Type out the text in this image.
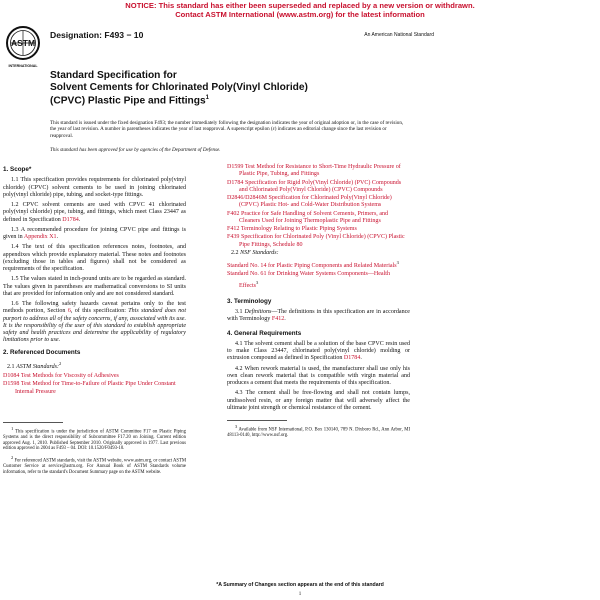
NOTICE: This standard has either been superseded and replaced by a new version or withdrawn.
Contact ASTM International (www.astm.org) for the latest information
ASTM
INTERNATIONAL
Designation: F493 − 10	An American National Standard
Standard Specification for
Solvent Cements for Chlorinated Poly(Vinyl Chloride)
(CPVC) Plastic Pipe and Fittings$^1$
This standard is issued under the fixed designation F493; the number immediately following the designation indicates the year of original adoption or, in the case of revision, the year of last revision. A number in parentheses indicates the year of last reapproval. A superscript epsilon (ε) indicates an editorial change since the last revision or reapproval.
This standard has been approved for use by agencies of the Department of Defense.
1. Scope*

1.1 This specification provides requirements for chlorinated poly(vinyl chloride) (CPVC) solvent cements to be used in joining chlorinated poly(vinyl chloride) pipe, tubing, and socket-type fittings.

1.2 CPVC solvent cements are used with CPVC 41 chlorinated poly(vinyl chloride) pipe, tubing, and fittings, which meet Class 23447 as defined in Specification D1784.

1.3 A recommended procedure for joining CPVC pipe and fittings is given in Appendix X1.

1.4 The text of this specification references notes, footnotes, and appendixes which provide explanatory material. These notes and footnotes (excluding those in tables and figures) shall not be considered as requirements of the specification.

1.5 The values stated in inch-pound units are to be regarded as standard. The values given in parentheses are mathematical conversions to SI units that are provided for information only and are not considered standard.

1.6 The following safety hazards caveat pertains only to the test methods portion, Section 6, of this specification: This standard does not purport to address all of the safety concerns, if any, associated with its use. It is the responsibility of the user of this standard to establish appropriate safety and health practices and determine the applicability of regulatory limitations prior to use.

2. Referenced Documents
2.1 ASTM Standards:$^2$
D1084 Test Methods for Viscosity of Adhesives
D1598 Test Method for Time-to-Failure of Plastic Pipe Under Constant Internal Pressure

$^1$ This specification is under the jurisdiction of ASTM Committee F17 on Plastic Piping Systems and is the direct responsibility of Subcommittee F17.20 on Joining. Current edition approved Aug. 1, 2010. Published September 2010. Originally approved in 1977. Last previous edition approved in 2004 as F493 – 04. DOI: 10.1520/F0493-10.

$^2$ For referenced ASTM standards, visit the ASTM website, www.astm.org, or contact ASTM Customer Service at service@astm.org. For Annual Book of ASTM Standards volume information, refer to the standard's Document Summary page on the ASTM website.

D1599 Test Method for Resistance to Short-Time Hydraulic Pressure of Plastic Pipe, Tubing, and Fittings
D1784 Specification for Rigid Poly(Vinyl Chloride) (PVC) Compounds and Chlorinated Poly(Vinyl Chloride) (CPVC) Compounds
D2846/D2846M Specification for Chlorinated Poly(Vinyl Chloride) (CPVC) Plastic Hot- and Cold-Water Distribution Systems
F402 Practice for Safe Handling of Solvent Cements, Primers, and Cleaners Used for Joining Thermoplastic Pipe and Fittings
F412 Terminology Relating to Plastic Piping Systems
F439 Specification for Chlorinated Poly (Vinyl Chloride) (CPVC) Plastic Pipe Fittings, Schedule 80
2.2 NSF Standards:
Standard No. 14 for Plastic Piping Components and Related Materials$^3$
Standard No. 61 for Drinking Water Systems Components—Health Effects$^3$
3. Terminology

3.1 Definitions—The definitions in this specification are in accordance with Terminology F412.

4. General Requirements

4.1 The solvent cement shall be a solution of the base CPVC resin used to make Class 23447, chlorinated poly(vinyl chloride) molding or extrusion compound as defined in Specification D1784.

4.2 When rework material is used, the manufacturer shall use only his own clean rework material that is compatible with virgin material and produces a cement that meets the requirements of this specification.

4.3 The cement shall be free-flowing and shall not contain lumps, undissolved resin, or any foreign matter that will adversely affect the ultimate joint strength or chemical resistance of the cement.

$^3$ Available from NSF International, P.O. Box 130140, 789 N. Dixboro Rd., Ann Arbor, MI 48113-0140, http://www.nsf.org.

*A Summary of Changes section appears at the end of this standard
1
